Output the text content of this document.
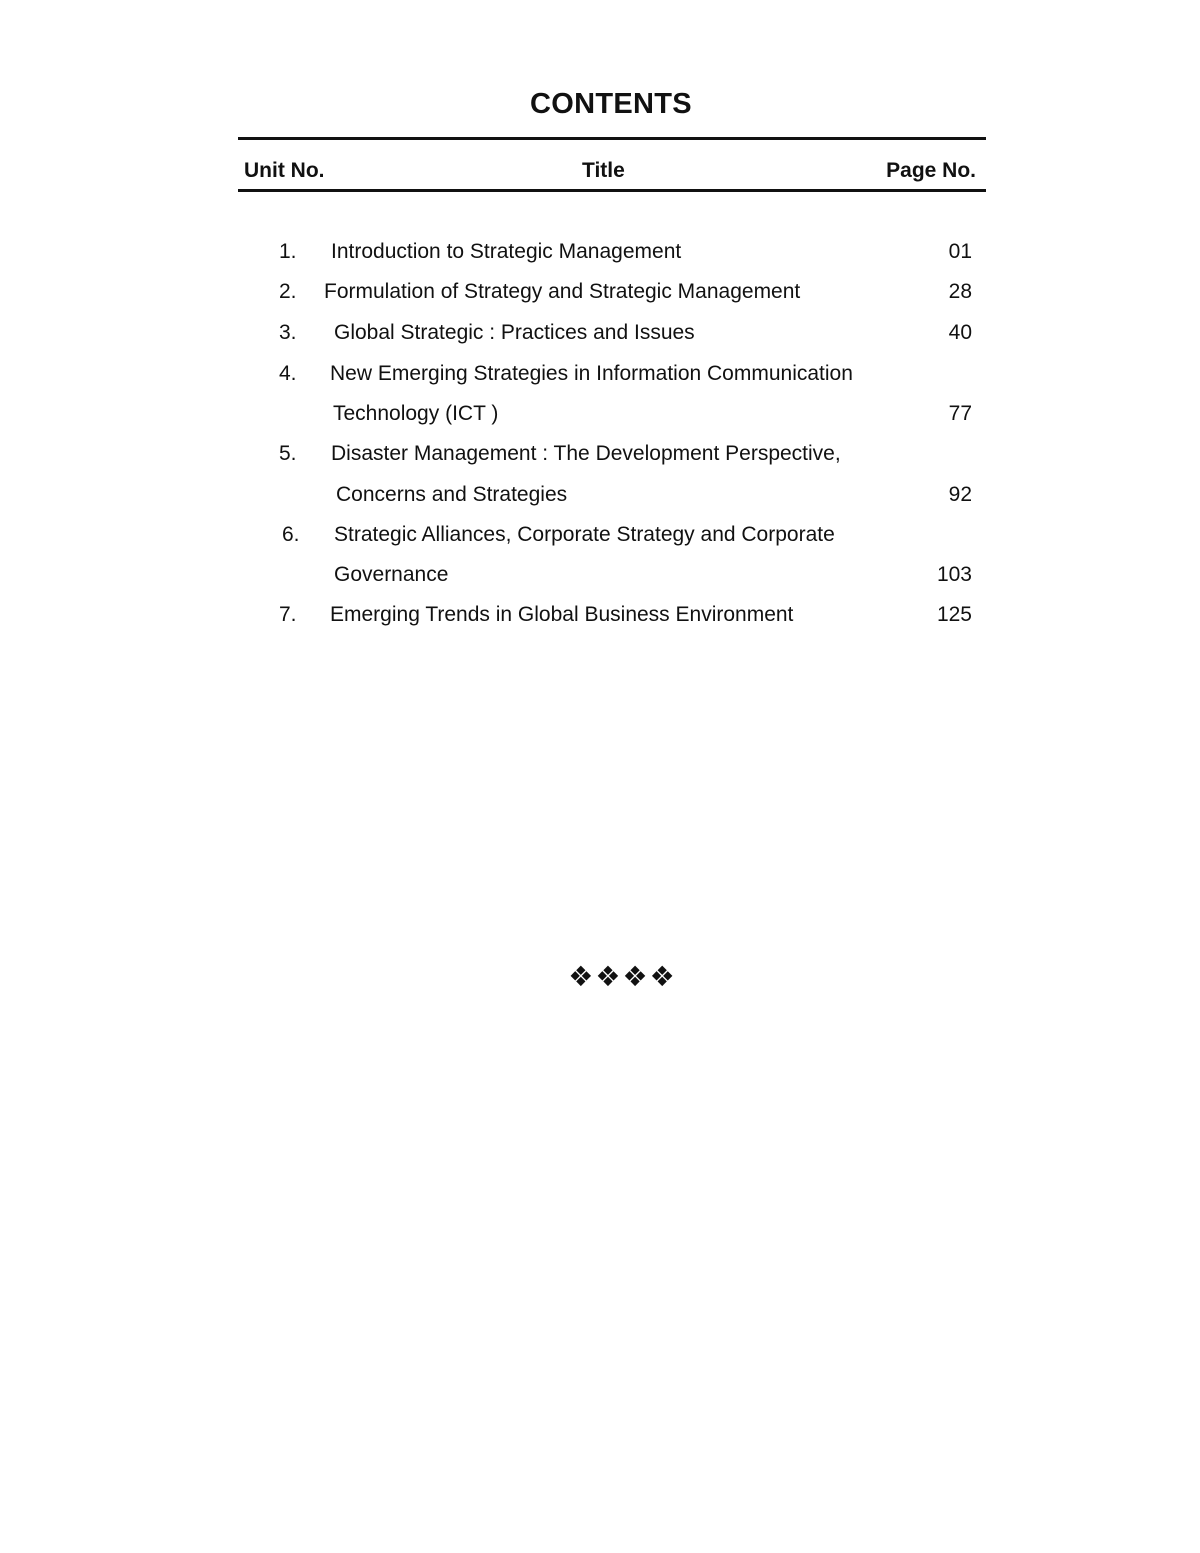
CONTENTS
Unit No.	Title	Page No.
1. Introduction to Strategic Management	01
2. Formulation of Strategy and Strategic Management	28
3. Global Strategic : Practices and Issues	40
4. New Emerging Strategies in Information Communication
Technology (ICT )	77
5. Disaster Management : The Development Perspective,
Concerns and Strategies	92
6. Strategic Alliances, Corporate Strategy and Corporate
Governance	103
7. Emerging Trends in Global Business Environment	125
❖❖❖❖
